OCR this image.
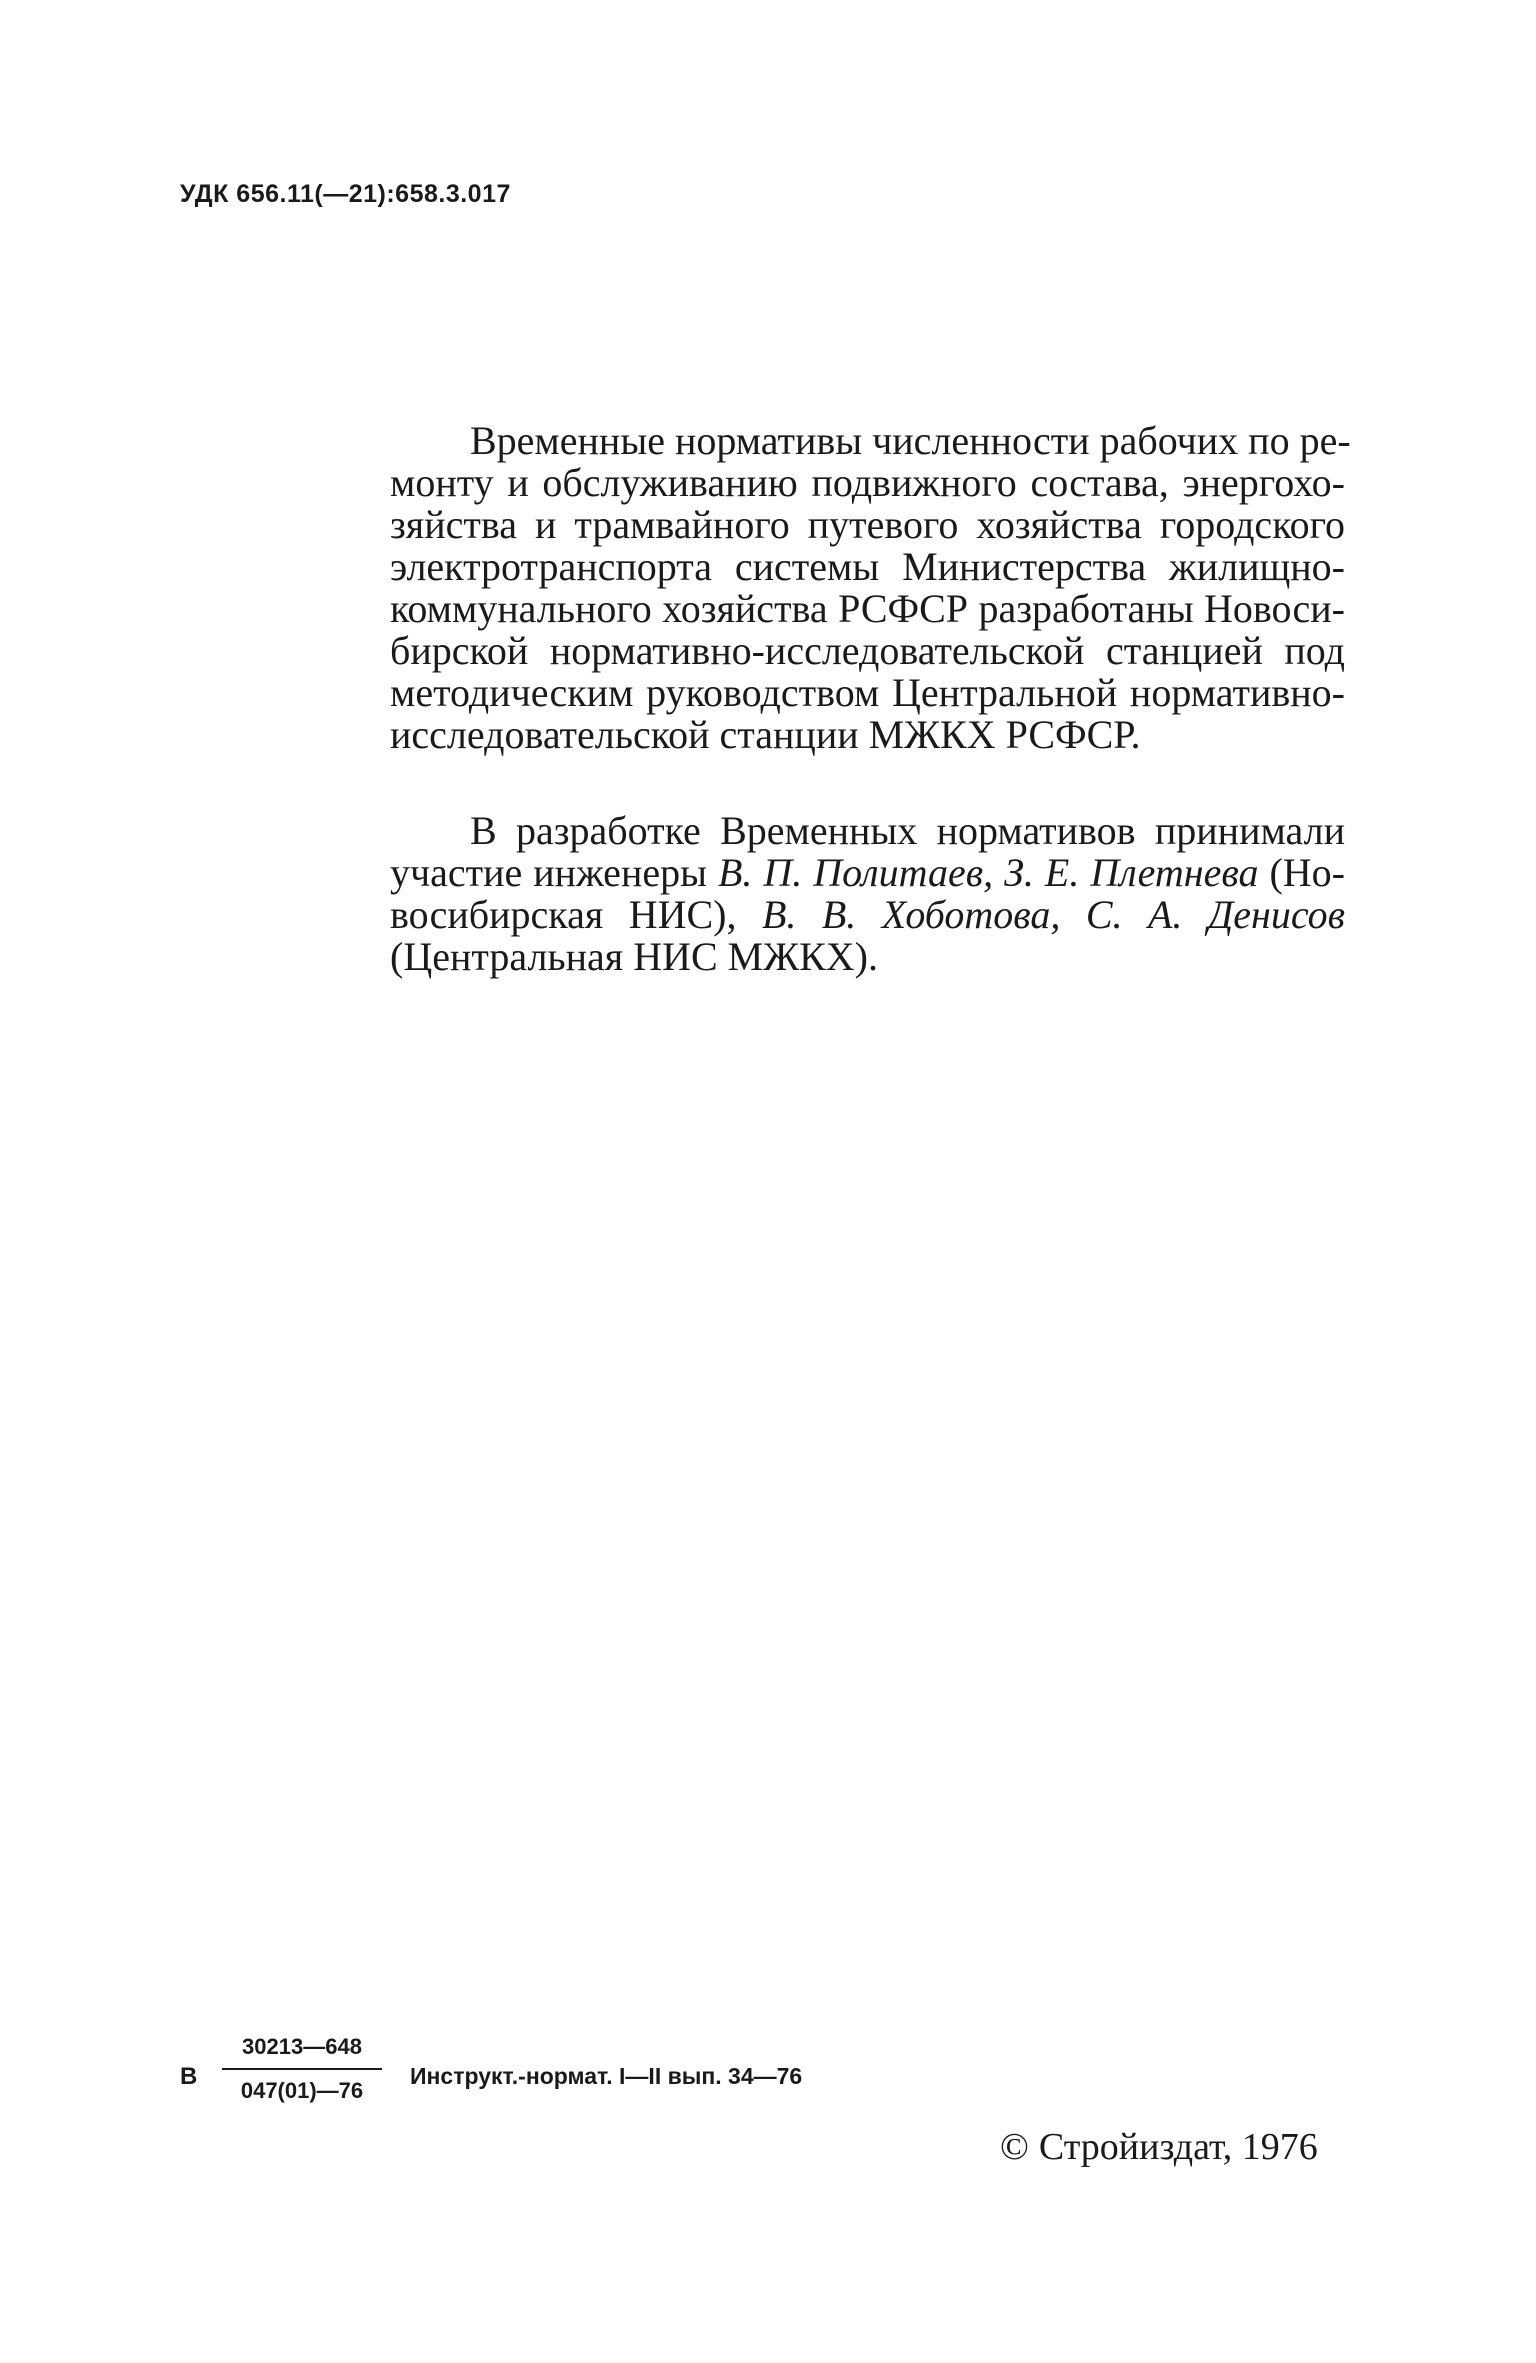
УДК 656.11(—21):658.3.017
Временные нормативы численности рабочих по ре-
монту и обслуживанию подвижного состава, энергохо-
зяйства и трамвайного путевого хозяйства городского
электротранспорта системы Министерства жилищно-
коммунального хозяйства РСФСР разработаны Новоси-
бирской нормативно-исследовательской станцией под
методическим руководством Центральной нормативно-
исследовательской станции МЖКХ РСФСР.
В разработке Временных нормативов принимали
участие инженеры В. П. Политаев, З. Е. Плетнева (Но-
восибирская НИС), В. В. Хоботова, С. А. Денисов
(Центральная НИС МЖКХ).
В $\frac{30213—648}{047(01)—76}$ Инструкт.-нормат. I—II вып. 34—76
© Стройиздат, 1976
